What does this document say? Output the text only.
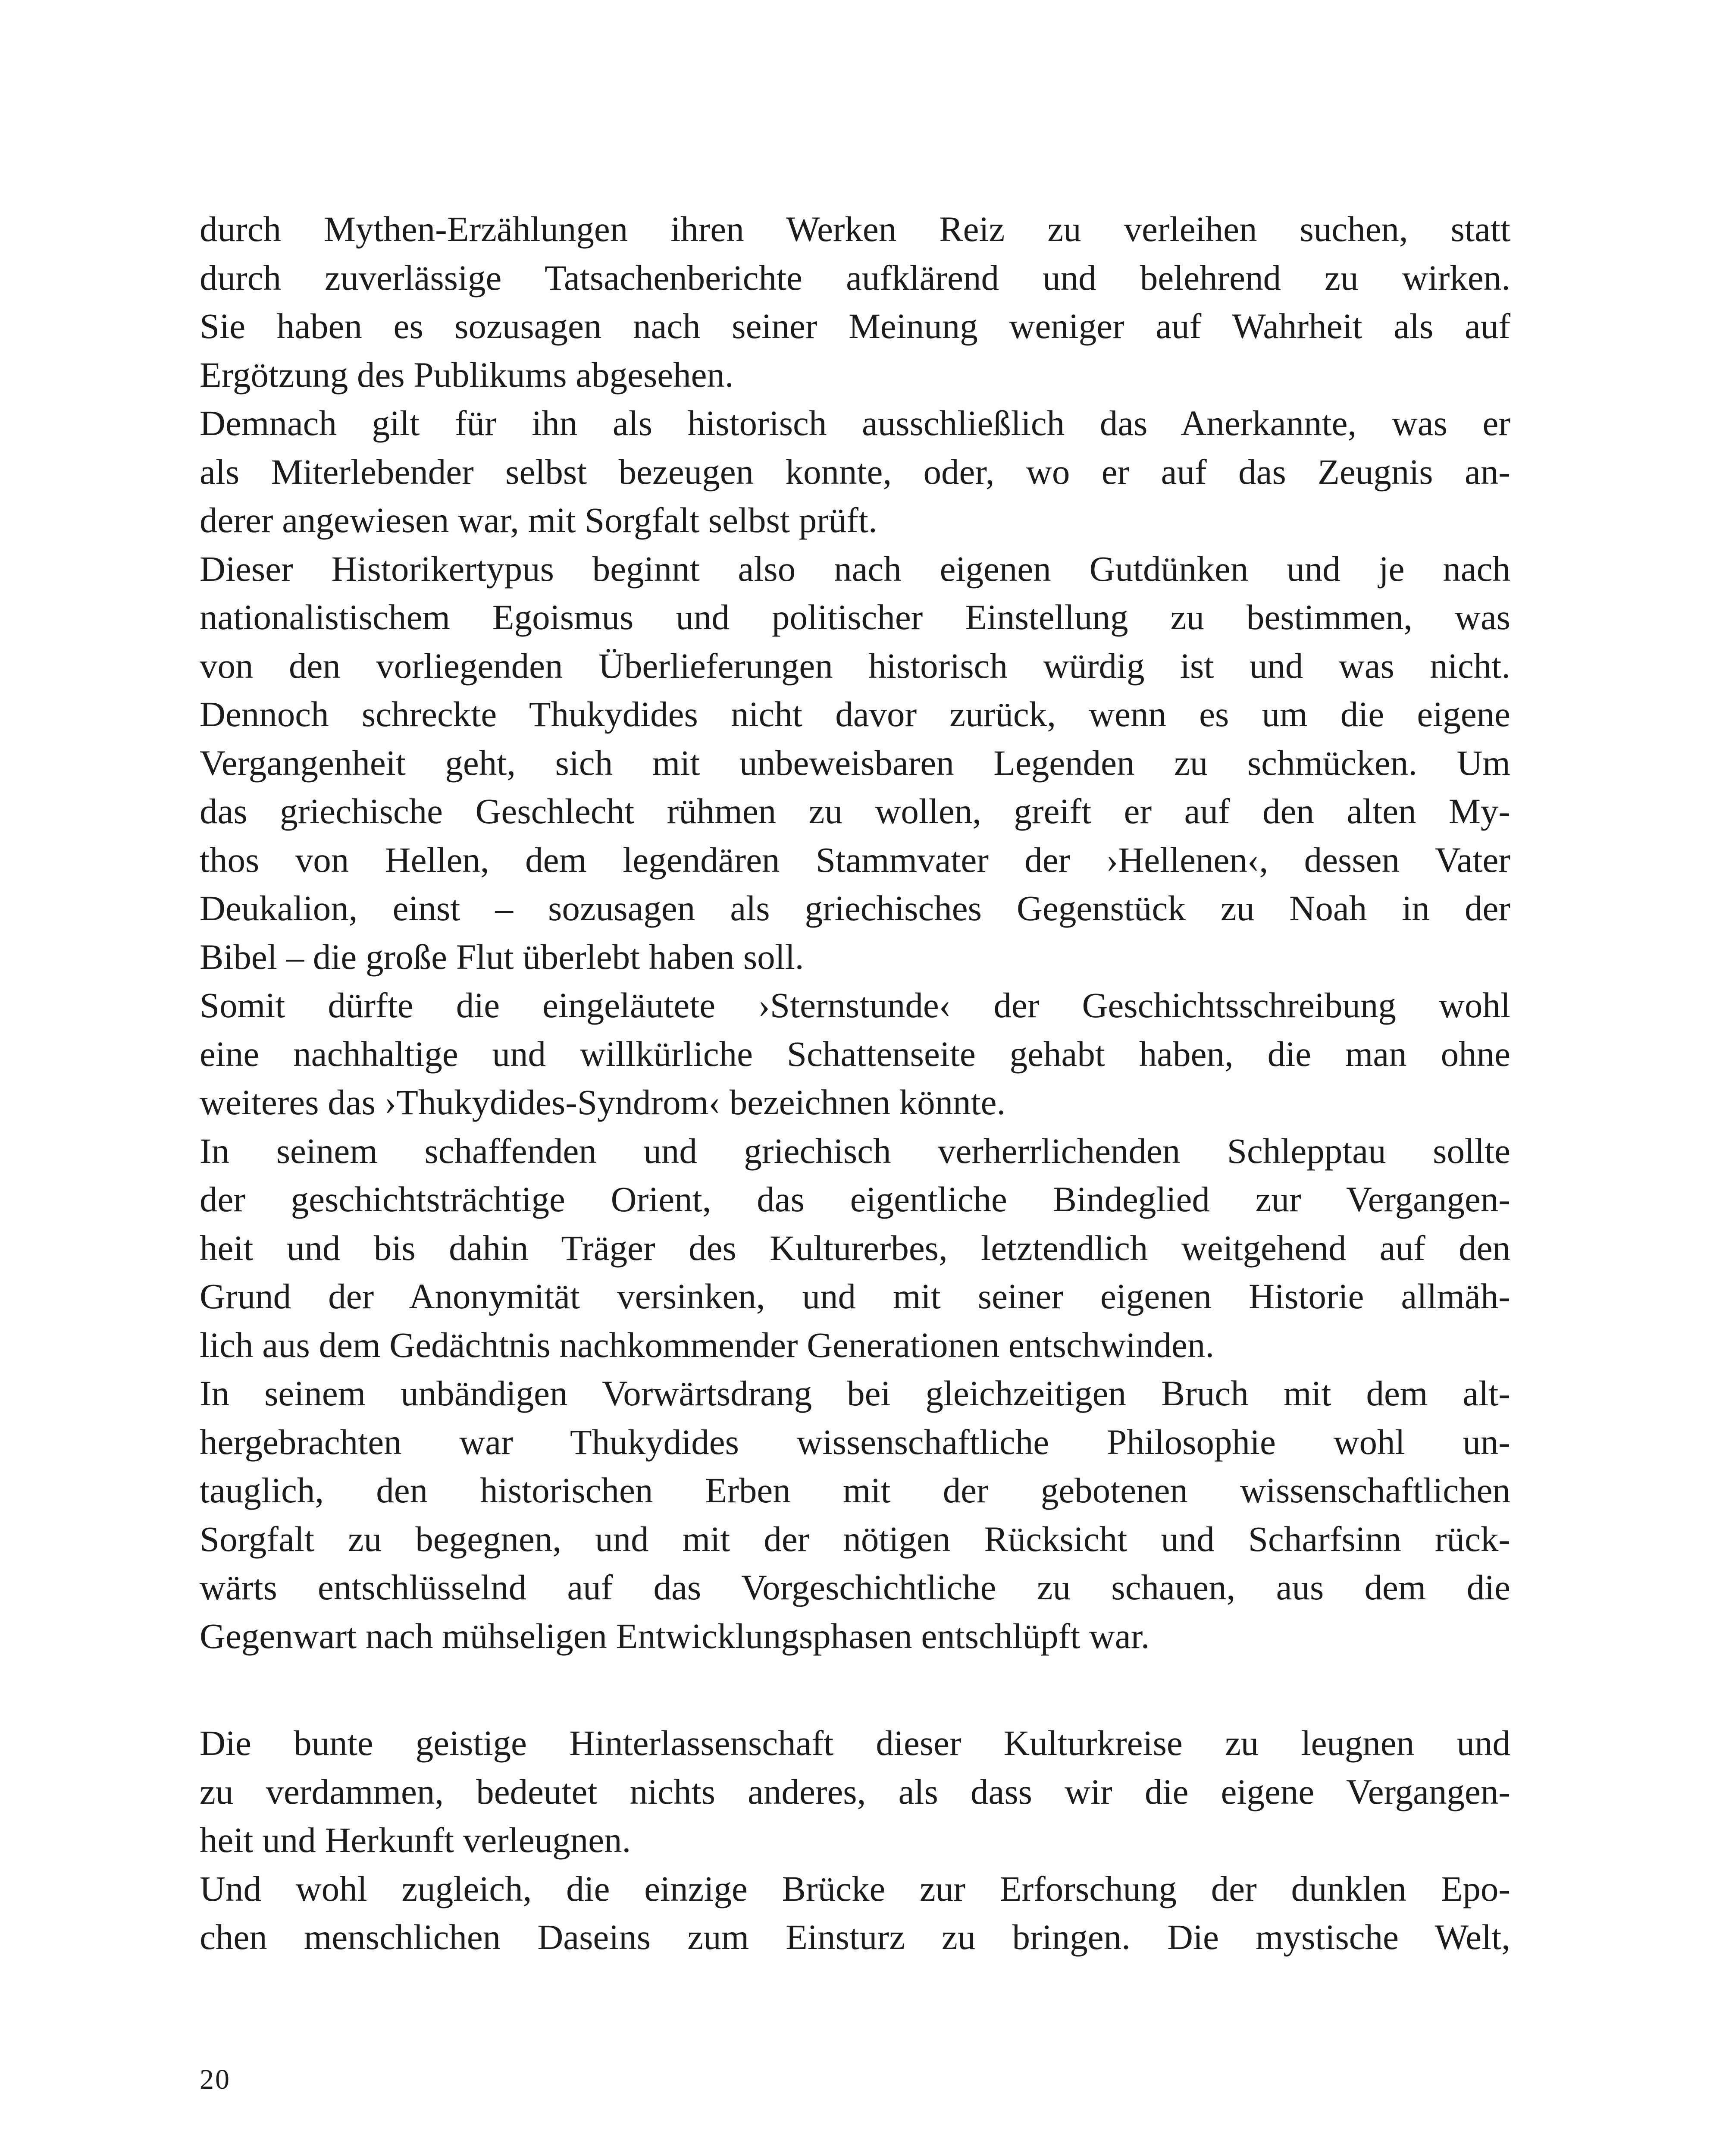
durch Mythen-Erzählungen ihren Werken Reiz zu verleihen suchen, statt
durch zuverlässige Tatsachenberichte aufklärend und belehrend zu wirken.
Sie haben es sozusagen nach seiner Meinung weniger auf Wahrheit als auf
Ergötzung des Publikums abgesehen.
Demnach gilt für ihn als historisch ausschließlich das Anerkannte, was er
als Miterlebender selbst bezeugen konnte, oder, wo er auf das Zeugnis an-
derer angewiesen war, mit Sorgfalt selbst prüft.
Dieser Historikertypus beginnt also nach eigenen Gutdünken und je nach
nationalistischem Egoismus und politischer Einstellung zu bestimmen, was
von den vorliegenden Überlieferungen historisch würdig ist und was nicht.
Dennoch schreckte Thukydides nicht davor zurück, wenn es um die eigene
Vergangenheit geht, sich mit unbeweisbaren Legenden zu schmücken. Um
das griechische Geschlecht rühmen zu wollen, greift er auf den alten My-
thos von Hellen, dem legendären Stammvater der ›Hellenen‹, dessen Vater
Deukalion, einst – sozusagen als griechisches Gegenstück zu Noah in der
Bibel – die große Flut überlebt haben soll.
Somit dürfte die eingeläutete ›Sternstunde‹ der Geschichtsschreibung wohl
eine nachhaltige und willkürliche Schattenseite gehabt haben, die man ohne
weiteres das ›Thukydides-Syndrom‹ bezeichnen könnte.
In seinem schaffenden und griechisch verherrlichenden Schlepptau sollte
der geschichtsträchtige Orient, das eigentliche Bindeglied zur Vergangen-
heit und bis dahin Träger des Kulturerbes, letztendlich weitgehend auf den
Grund der Anonymität versinken, und mit seiner eigenen Historie allmäh-
lich aus dem Gedächtnis nachkommender Generationen entschwinden.
In seinem unbändigen Vorwärtsdrang bei gleichzeitigen Bruch mit dem alt-
hergebrachten war Thukydides wissenschaftliche Philosophie wohl un-
tauglich, den historischen Erben mit der gebotenen wissenschaftlichen
Sorgfalt zu begegnen, und mit der nötigen Rücksicht und Scharfsinn rück-
wärts entschlüsselnd auf das Vorgeschichtliche zu schauen, aus dem die
Gegenwart nach mühseligen Entwicklungsphasen entschlüpft war.
Die bunte geistige Hinterlassenschaft dieser Kulturkreise zu leugnen und
zu verdammen, bedeutet nichts anderes, als dass wir die eigene Vergangen-
heit und Herkunft verleugnen.
Und wohl zugleich, die einzige Brücke zur Erforschung der dunklen Epo-
chen menschlichen Daseins zum Einsturz zu bringen. Die mystische Welt,
20
